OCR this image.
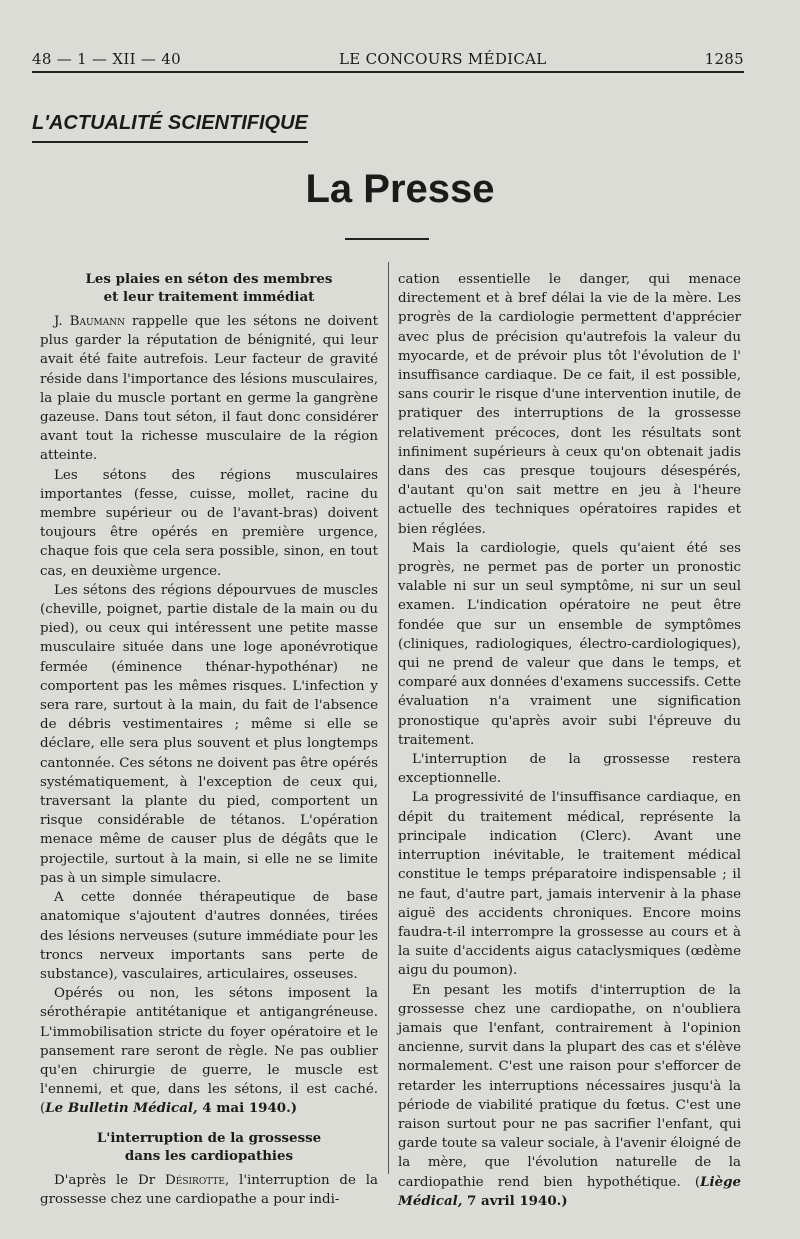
48 — 1 — XII — 40	LE CONCOURS MÉDICAL	1285
L'ACTUALITÉ SCIENTIFIQUE
La Presse
Les plaies en séton des membres
et leur traitement immédiat

J. Baumann rappelle que les sétons ne doivent plus garder la réputation de bénignité, qui leur avait été faite autrefois. Leur facteur de gravité réside dans l'importance des lésions musculaires, la plaie du muscle portant en germe la gangrène gazeuse. Dans tout séton, il faut donc considérer avant tout la richesse musculaire de la région atteinte.

Les sétons des régions musculaires importantes (fesse, cuisse, mollet, racine du membre supérieur ou de l'avant-bras) doivent toujours être opérés en première urgence, chaque fois que cela sera possible, sinon, en tout cas, en deuxième urgence.

Les sétons des régions dépourvues de muscles (cheville, poignet, partie distale de la main ou du pied), ou ceux qui intéressent une petite masse musculaire située dans une loge aponévrotique fermée (éminence thénar-hypothénar) ne comportent pas les mêmes risques. L'infection y sera rare, surtout à la main, du fait de l'absence de débris vestimentaires ; même si elle se déclare, elle sera plus souvent et plus longtemps cantonnée. Ces sétons ne doivent pas être opérés systématiquement, à l'exception de ceux qui, traversant la plante du pied, comportent un risque considérable de tétanos. L'opération menace même de causer plus de dégâts que le projectile, surtout à la main, si elle ne se limite pas à un simple simulacre.

A cette donnée thérapeutique de base anatomique s'ajoutent d'autres données, tirées des lésions nerveuses (suture immédiate pour les troncs nerveux importants sans perte de substance), vasculaires, articulaires, osseuses.

Opérés ou non, les sétons imposent la sérothérapie antitétanique et antigangréneuse. L'immobilisation stricte du foyer opératoire et le pansement rare seront de règle. Ne pas oublier qu'en chirurgie de guerre, le muscle est l'ennemi, et que, dans les sétons, il est caché. (Le Bulletin Médical, 4 mai 1940.)

L'interruption de la grossesse
dans les cardiopathies

D'après le Dr Désirotte, l'interruption de la grossesse chez une cardiopathe a pour indi-

cation essentielle le danger, qui menace directement et à bref délai la vie de la mère. Les progrès de la cardiologie permettent d'apprécier avec plus de précision qu'autrefois la valeur du myocarde, et de prévoir plus tôt l'évolution de l' insuffisance cardiaque. De ce fait, il est possible, sans courir le risque d'une intervention inutile, de pratiquer des interruptions de la grossesse relativement précoces, dont les résultats sont infiniment supérieurs à ceux qu'on obtenait jadis dans des cas presque toujours désespérés, d'autant qu'on sait mettre en jeu à l'heure actuelle des techniques opératoires rapides et bien réglées.

Mais la cardiologie, quels qu'aient été ses progrès, ne permet pas de porter un pronostic valable ni sur un seul symptôme, ni sur un seul examen. L'indication opératoire ne peut être fondée que sur un ensemble de symptômes (cliniques, radiologiques, électro-cardiologiques), qui ne prend de valeur que dans le temps, et comparé aux données d'examens successifs. Cette évaluation n'a vraiment une signification pronostique qu'après avoir subi l'épreuve du traitement.

L'interruption de la grossesse restera exceptionnelle.

La progressivité de l'insuffisance cardiaque, en dépit du traitement médical, représente la principale indication (Clerc). Avant une interruption inévitable, le traitement médical constitue le temps préparatoire indispensable ; il ne faut, d'autre part, jamais intervenir à la phase aiguë des accidents chroniques. Encore moins faudra-t-il interrompre la grossesse au cours et à la suite d'accidents aigus cataclysmiques (œdème aigu du poumon).

En pesant les motifs d'interruption de la grossesse chez une cardiopathe, on n'oubliera jamais que l'enfant, contrairement à l'opinion ancienne, survit dans la plupart des cas et s'élève normalement. C'est une raison pour s'efforcer de retarder les interruptions nécessaires jusqu'à la période de viabilité pratique du fœtus. C'est une raison surtout pour ne pas sacrifier l'enfant, qui garde toute sa valeur sociale, à l'avenir éloigné de la mère, que l'évolution naturelle de la cardiopathie rend bien hypothétique. (Liège Médical, 7 avril 1940.)
